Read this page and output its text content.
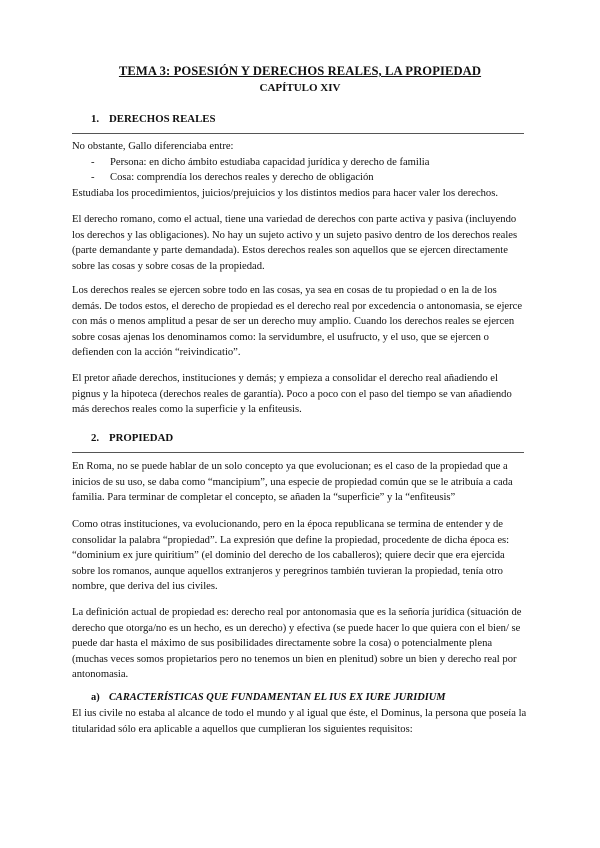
TEMA 3: POSESIÓN Y DERECHOS REALES, LA PROPIEDAD
CAPÍTULO XIV
1. DERECHOS REALES

No obstante, Gallo diferenciaba entre:

- Persona: en dicho ámbito estudiaba capacidad jurídica y derecho de familia
- Cosa: comprendía los derechos reales y derecho de obligación

Estudiaba los procedimientos, juicios/prejuicios y los distintos medios para hacer valer los derechos.

El derecho romano, como el actual, tiene una variedad de derechos con parte activa y pasiva (incluyendo los derechos y las obligaciones). No hay un sujeto activo y un sujeto pasivo dentro de los derechos reales (parte demandante y parte demandada). Estos derechos reales son aquellos que se ejercen directamente sobre las cosas y sobre cosas de la propiedad.

Los derechos reales se ejercen sobre todo en las cosas, ya sea en cosas de tu propiedad o en la de los demás. De todos estos, el derecho de propiedad es el derecho real por excedencia o antonomasia, se ejerce con más o menos amplitud a pesar de ser un derecho muy amplio. Cuando los derechos reales se ejercen sobre cosas ajenas los denominamos como: la servidumbre, el usufructo, y el uso, que se ejercen o defienden con la acción “reivindicatio”.

El pretor añade derechos, instituciones y demás; y empieza a consolidar el derecho real añadiendo el pignus y la hipoteca (derechos reales de garantía). Poco a poco con el paso del tiempo se van añadiendo más derechos reales como la superficie y la enfiteusis.

2. PROPIEDAD

En Roma, no se puede hablar de un solo concepto ya que evolucionan; es el caso de la propiedad que a inicios de su uso, se daba como “mancipium”, una especie de propiedad común que se le atribuía a cada familia. Para terminar de completar el concepto, se añaden la “superficie” y la “enfiteusis”

Como otras instituciones, va evolucionando, pero en la época republicana se termina de entender y de consolidar la palabra “propiedad”. La expresión que define la propiedad, procedente de dicha época es: “dominium ex jure quiritium” (el dominio del derecho de los caballeros); quiere decir que era ejercida sobre los romanos, aunque aquellos extranjeros y peregrinos también tuvieran la propiedad, tenía otro nombre, que deriva del ius civiles.

La definición actual de propiedad es: derecho real por antonomasia que es la señoría jurídica (situación de derecho que otorga/no es un hecho, es un derecho) y efectiva (se puede hacer lo que quiera con el bien/ se puede dar hasta el máximo de sus posibilidades directamente sobre la cosa) o potencialmente plena (muchas veces somos propietarios pero no tenemos un bien en plenitud) sobre un bien y derecho real por antonomasia.

a) CARACTERÍSTICAS QUE FUNDAMENTAN EL IUS EX IURE JURIDIUM

El ius civile no estaba al alcance de todo el mundo y al igual que éste, el Dominus, la persona que poseía la titularidad sólo era aplicable a aquellos que cumplieran los siguientes requisitos:
